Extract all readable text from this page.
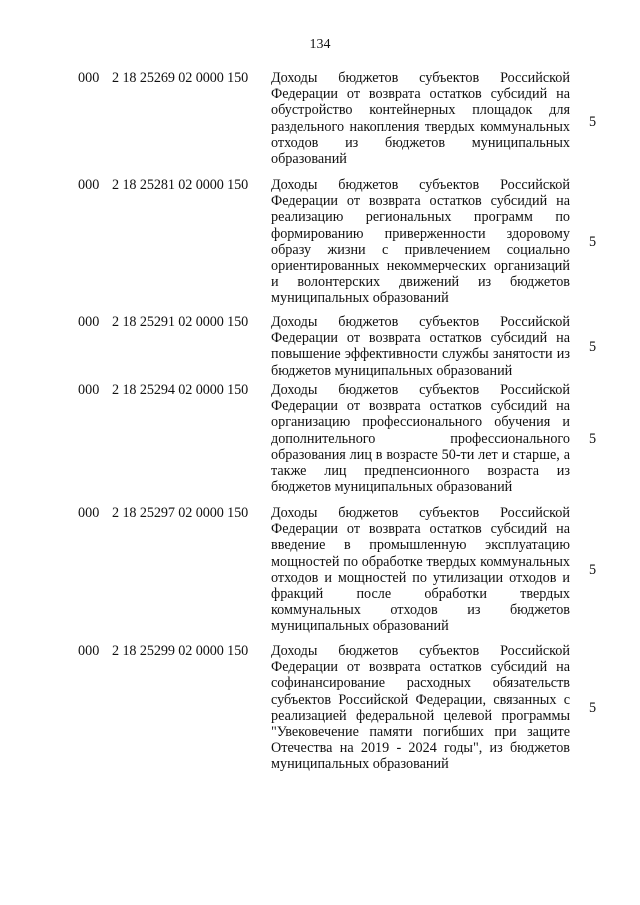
134
000 2 18 25269 02 0000 150 Доходы бюджетов субъектов Российской Федерации от возврата остатков субсидий на обустройство контейнерных площадок для раздельного накопления твердых коммунальных отходов из бюджетов муниципальных образований
5
000 2 18 25281 02 0000 150 Доходы бюджетов субъектов Российской Федерации от возврата остатков субсидий на реализацию региональных программ по формированию приверженности здоровому образу жизни с привлечением социально ориентированных некоммерческих организаций и волонтерских движений из бюджетов муниципальных образований
5
000 2 18 25291 02 0000 150 Доходы бюджетов субъектов Российской Федерации от возврата остатков субсидий на повышение эффективности службы занятости из бюджетов муниципальных образований
5
000 2 18 25294 02 0000 150 Доходы бюджетов субъектов Российской Федерации от возврата остатков субсидий на организацию профессионального обучения и дополнительного профессионального образования лиц в возрасте 50-ти лет и старше, а также лиц предпенсионного возраста из бюджетов муниципальных образований
5
000 2 18 25297 02 0000 150 Доходы бюджетов субъектов Российской Федерации от возврата остатков субсидий на введение в промышленную эксплуатацию мощностей по обработке твердых коммунальных отходов и мощностей по утилизации отходов и фракций после обработки твердых коммунальных отходов из бюджетов муниципальных образований
5
000 2 18 25299 02 0000 150 Доходы бюджетов субъектов Российской Федерации от возврата остатков субсидий на софинансирование расходных обязательств субъектов Российской Федерации, связанных с реализацией федеральной целевой программы "Увековечение памяти погибших при защите Отечества на 2019 - 2024 годы", из бюджетов муниципальных образований
5
